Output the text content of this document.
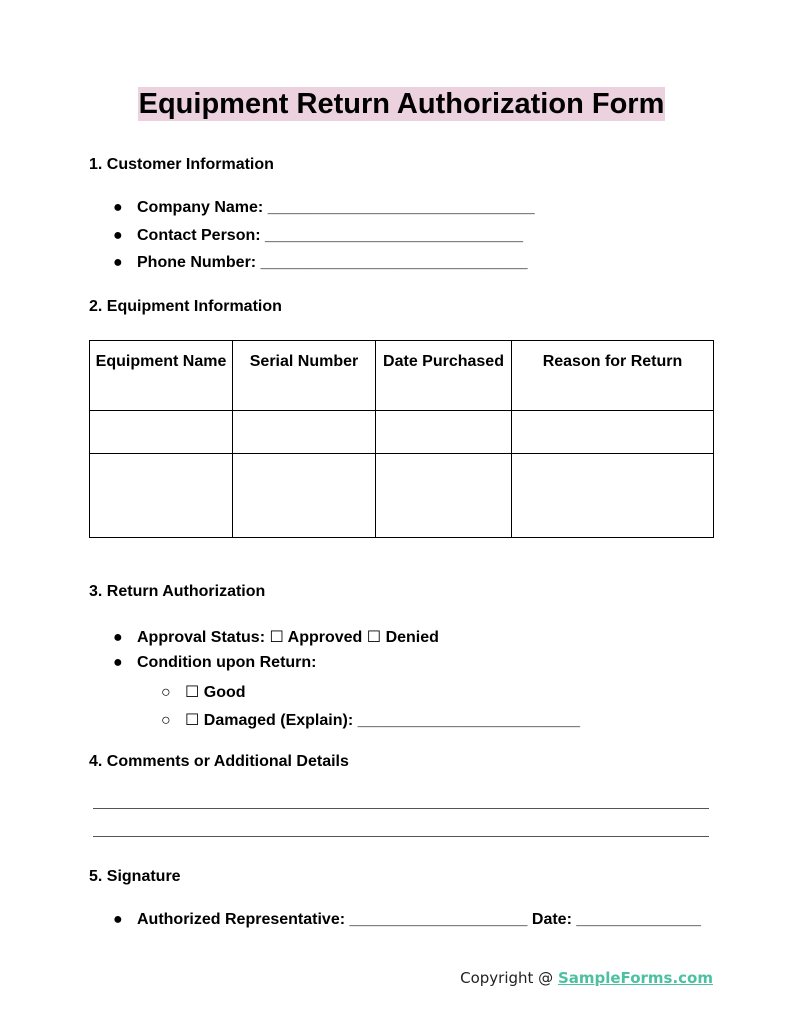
Equipment Return Authorization Form
1. Customer Information
● Company Name: ______________________________
● Contact Person: _____________________________
● Phone Number: ______________________________
2. Equipment Information
Equipment Name	Serial Number	Date Purchased	Reason for Return

3. Return Authorization
● Approval Status: ☐ Approved ☐ Denied
● Condition upon Return:
○ ☐ Good
○ ☐ Damaged (Explain): _________________________
4. Comments or Additional Details
5. Signature
● Authorized Representative: ____________________ Date: ______________
Copyright @ SampleForms.com
